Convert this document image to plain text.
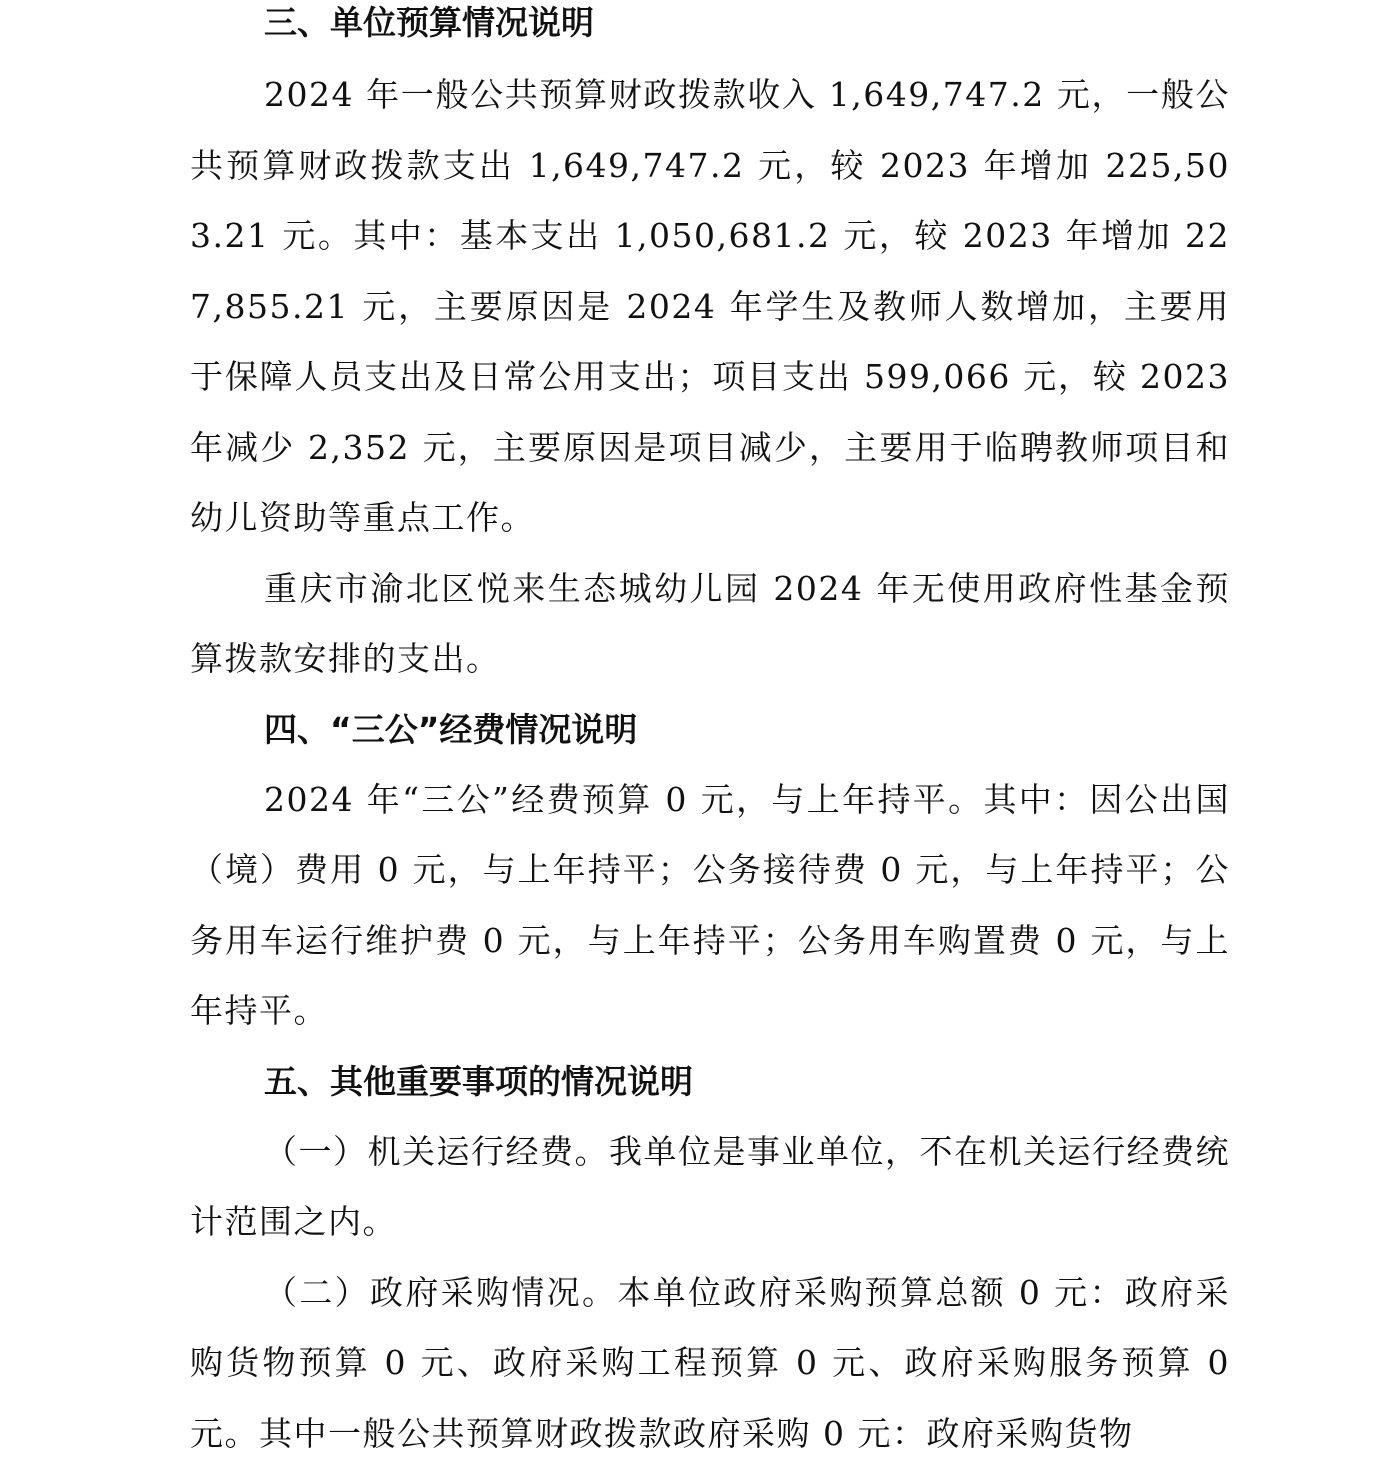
三、单位预算情况说明

2024 年一般公共预算财政拨款收入 1,649,747.2 元，一般公共预算财政拨款支出 1,649,747.2 元，较 2023 年增加 225,503.21 元。其中：基本支出 1,050,681.2 元，较 2023 年增加 227,855.21 元，主要原因是 2024 年学生及教师人数增加，主要用于保障人员支出及日常公用支出；项目支出 599,066 元，较 2023 年减少 2,352 元，主要原因是项目减少，主要用于临聘教师项目和幼儿资助等重点工作。

重庆市渝北区悦来生态城幼儿园 2024 年无使用政府性基金预算拨款安排的支出。

四、“三公”经费情况说明

2024 年“三公”经费预算 0 元，与上年持平。其中：因公出国（境）费用 0 元，与上年持平；公务接待费 0 元，与上年持平；公务用车运行维护费 0 元，与上年持平；公务用车购置费 0 元，与上年持平。

五、其他重要事项的情况说明

（一）机关运行经费。我单位是事业单位，不在机关运行经费统计范围之内。

（二）政府采购情况。本单位政府采购预算总额 0 元：政府采购货物预算 0 元、政府采购工程预算 0 元、政府采购服务预算 0 元。其中一般公共预算财政拨款政府采购 0 元：政府采购货物
